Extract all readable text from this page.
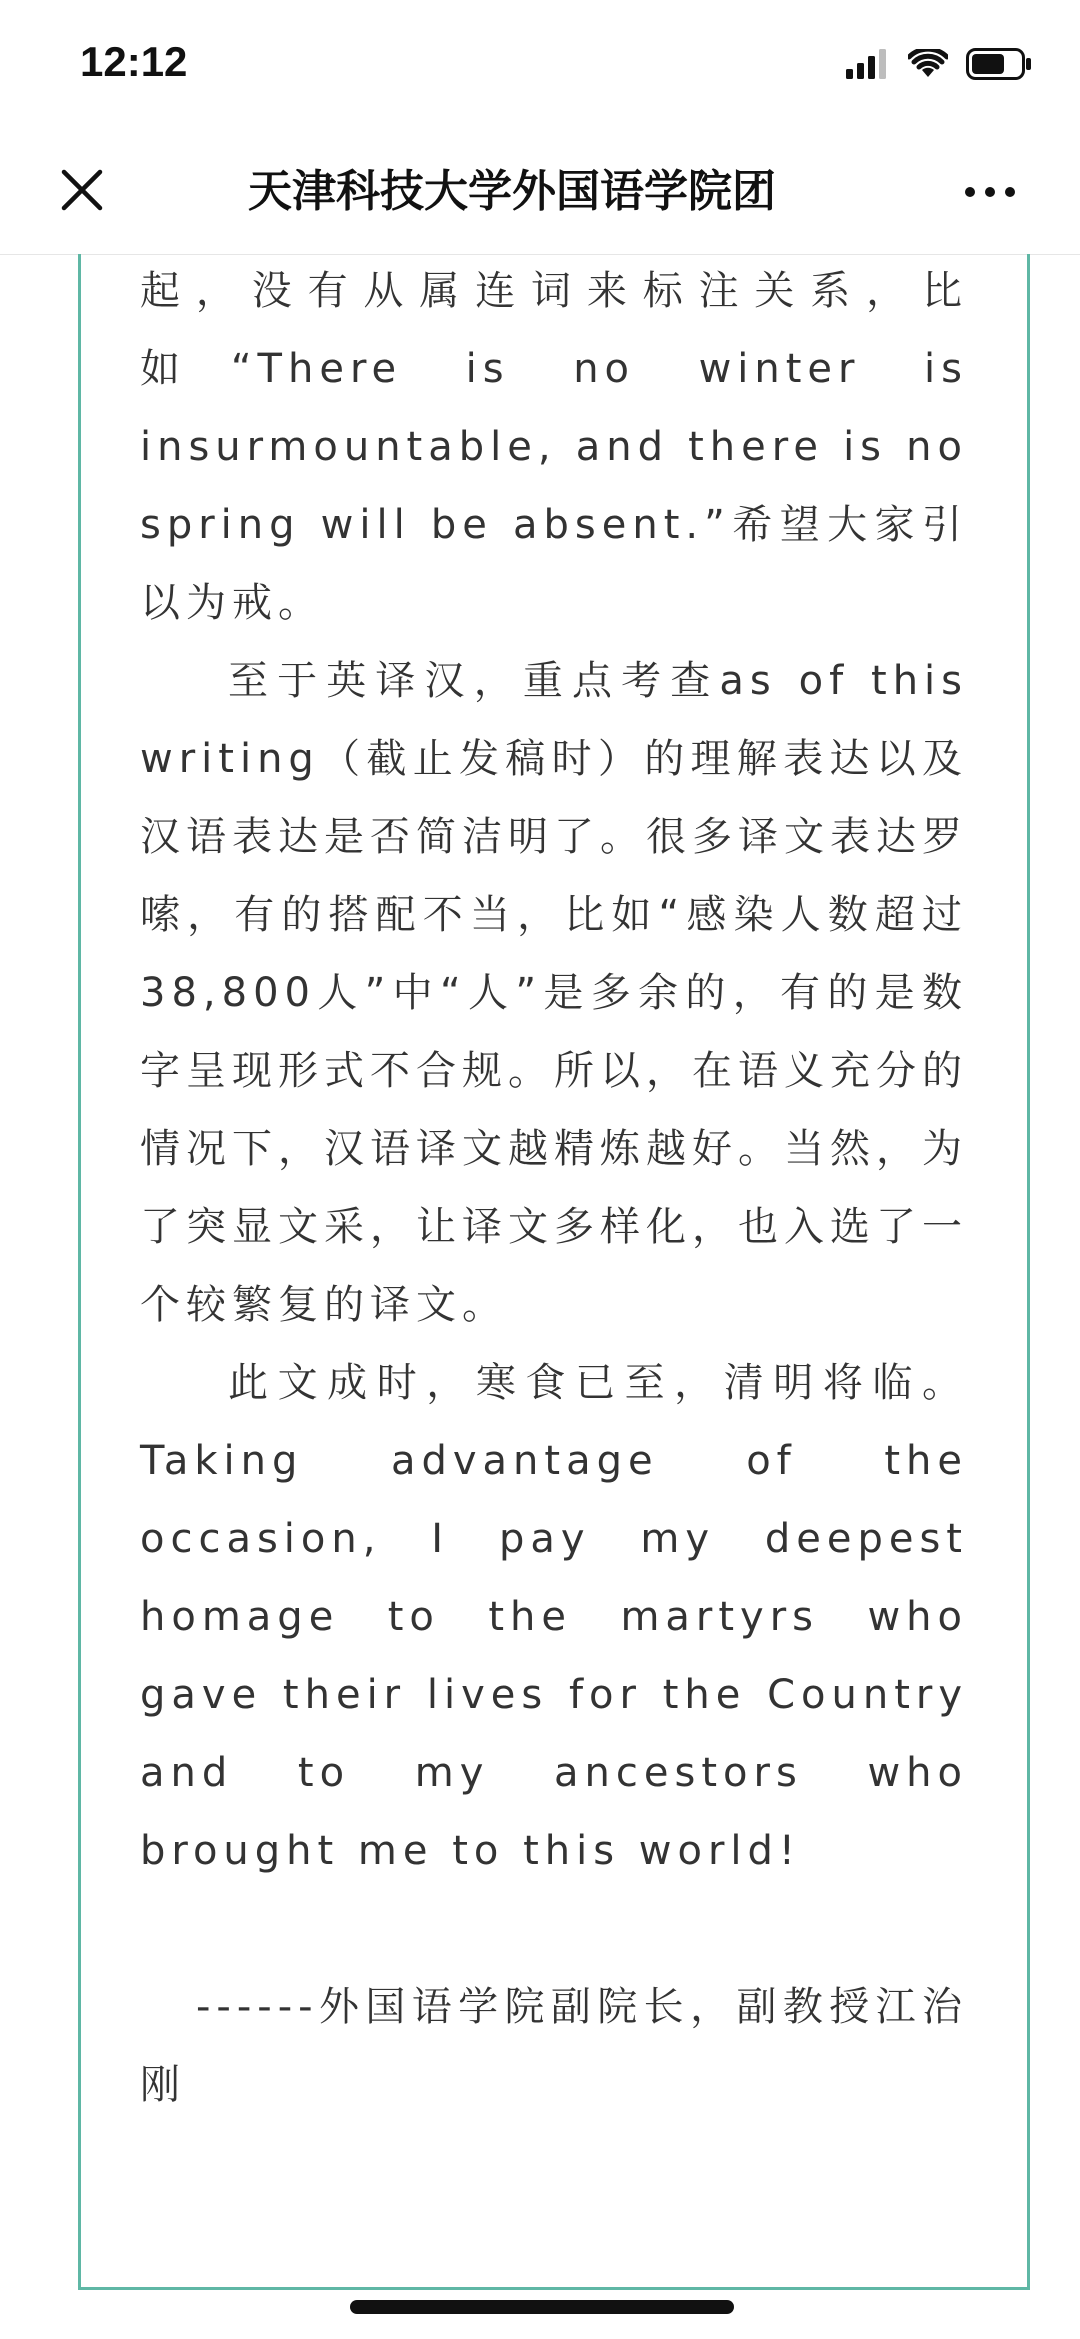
12:12
天津科技大学外国语学院团

起，没有从属连词来标注关系，比如“There is no winter is insurmountable, and there is no spring will be absent.”希望大家引以为戒。

至于英译汉，重点考查as of this writing（截止发稿时）的理解表达以及汉语表达是否简洁明了。很多译文表达罗嗦，有的搭配不当，比如“感染人数超过38,800人”中“人”是多余的，有的是数字呈现形式不合规。所以，在语义充分的情况下，汉语译文越精炼越好。当然，为了突显文采，让译文多样化，也入选了一个较繁复的译文。

此文成时，寒食已至，清明将临。Taking advantage of the occasion, I pay my deepest homage to the martyrs who gave their lives for the Country and to my ancestors who brought me to this world!

------外国语学院副院长，副教授江治刚
